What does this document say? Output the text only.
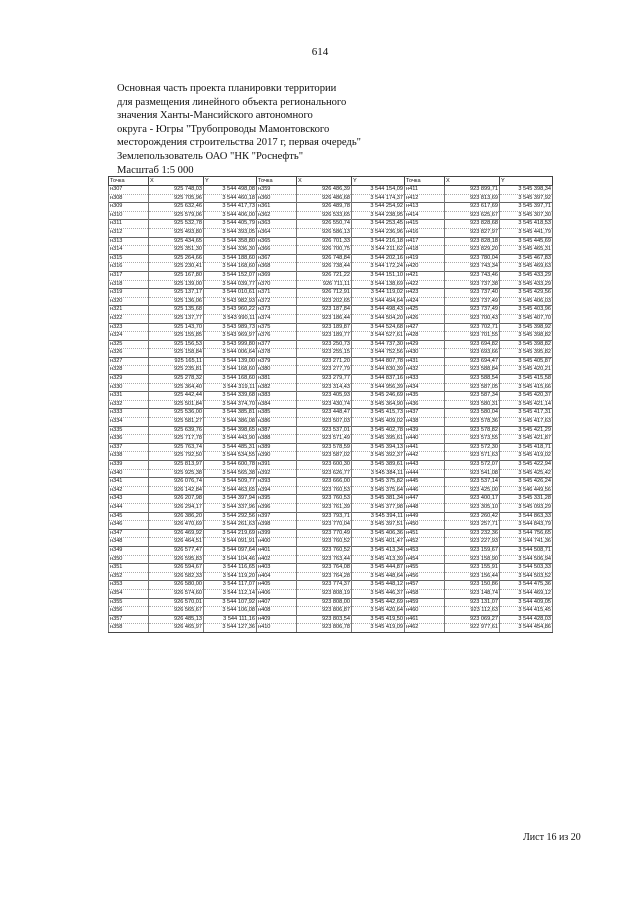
614
Основная часть проекта планировки территории
для размещения линейного объекта регионального
значения Ханты-Мансийского автономного
округа - Югры "Трубопроводы Мамонтовского
месторождения строительства 2017 г, первая очередь"
Землепользователь ОАО "НК "Роснефть"
Масштаб 1:5 000
Точка	X	Y	Точка	X	Y	Точка	X	Y
н307	925 748,03	3 544 498,08	н359	926 486,39	3 544 154,09	н411	923 899,71	3 545 398,34
н308	925 705,96	3 544 460,18	н360	926 486,68	3 544 174,37	н412	923 813,69	3 545 397,92
н309	925 632,46	3 544 417,73	н361	926 489,78	3 544 254,92	н413	923 617,69	3 545 397,71
н310	925 579,06	3 544 406,00	н362	926 533,65	3 544 238,95	н414	923 625,67	3 545 307,30
н311	925 532,78	3 544 405,79	н363	926 550,74	3 544 253,45	н415	923 828,68	3 545 418,53
н312	925 493,80	3 544 393,05	н364	926 586,13	3 544 236,96	н416	923 827,97	3 545 441,79
н313	925 434,65	3 544 358,80	н365	926 701,33	3 544 216,18	н417	923 828,18	3 545 445,69
н314	925 351,30	3 544 336,30	н366	926 700,75	3 544 211,62	н418	923 829,20	3 545 465,31
н315	925 264,66	3 544 188,60	н367	926 748,84	3 544 202,16	н419	923 780,04	3 545 467,83
н316	925 230,41	3 544 168,60	н368	926 738,44	3 544 172,24	н420	923 743,34	3 545 469,63
н317	925 167,80	3 544 152,07	н369	926 721,22	3 544 151,10	н421	923 743,46	3 545 433,29
н318	925 139,00	3 544 039,77	н370	926 711,11	3 544 138,69	н422	923 737,38	3 545 433,29
н319	925 137,17	3 544 010,61	н371	926 712,91	3 544 119,02	н423	923 737,40	3 545 429,56
н320	925 136,06	3 543 982,93	н372	923 202,65	3 544 494,64	н424	923 737,49	3 545 406,03
н321	925 135,68	3 543 960,22	н373	923 187,84	3 544 498,43	н425	923 737,49	3 545 403,96
н322	925 137,77	3 543 990,11	н374	923 186,44	3 544 504,20	н426	923 700,43	3 545 407,70
н323	925 143,70	3 543 989,73	н375	923 189,87	3 544 524,68	н427	923 702,71	3 545 398,92
н324	925 155,85	3 543 969,97	н376	923 189,77	3 544 527,61	н428	923 701,55	3 545 398,82
н325	925 156,53	3 543 999,80	н377	923 250,73	3 544 737,30	н429	923 694,82	3 545 398,82
н326	925 158,84	3 544 006,64	н378	923 255,15	3 544 752,56	н430	923 693,66	3 545 395,82
н327	925 165,11	3 544 139,00	н379	923 271,20	3 544 807,78	н431	923 694,47	3 545 405,87
н328	925 235,81	3 544 168,60	н380	923 277,79	3 544 830,39	н432	923 588,84	3 545 420,21
н329	925 278,32	3 544 168,60	н381	923 279,77	3 544 837,16	н433	923 588,54	3 545 415,58
н330	925 364,40	3 544 319,11	н382	923 314,43	3 544 956,39	н434	923 587,05	3 545 415,66
н331	925 442,44	3 544 339,68	н383	923 405,93	3 545 246,69	н435	923 587,34	3 545 420,37
н332	925 501,84	3 544 374,70	н384	923 430,74	3 545 364,90	н436	923 580,31	3 545 421,14
н333	925 536,00	3 544 385,81	н385	923 448,47	3 545 415,73	н437	923 580,04	3 545 417,31
н334	925 581,27	3 544 386,08	н386	923 507,03	3 545 409,02	н438	923 578,36	3 545 417,63
н335	925 639,76	3 544 398,65	н387	923 537,01	3 545 402,78	н439	923 578,82	3 545 421,29
н336	925 717,78	3 544 443,90	н388	923 571,49	3 545 395,61	н440	923 573,55	3 545 421,87
н337	925 763,74	3 544 485,31	н389	923 578,59	3 545 394,13	н441	923 572,30	3 545 418,71
н338	925 792,50	3 544 534,55	н390	923 587,02	3 545 392,37	н442	923 571,63	3 545 419,02
н339	925 813,97	3 544 600,78	н391	923 600,30	3 545 389,61	н443	923 572,07	3 545 422,94
н340	925 925,38	3 544 565,38	н392	923 626,77	3 545 384,11	н444	923 541,08	3 545 425,42
н341	926 076,74	3 544 509,77	н393	923 666,00	3 545 375,82	н445	923 537,14	3 545 426,24
н342	926 142,84	3 544 463,65	н394	923 760,53	3 545 375,64	н446	923 425,00	3 546 449,56
н343	926 207,98	3 544 397,94	н395	923 760,53	3 545 381,34	н447	923 400,17	3 545 331,28
н344	926 294,17	3 544 337,96	н396	923 761,39	3 545 377,98	н448	923 305,10	3 545 093,29
н345	926 386,20	3 544 292,56	н397	923 793,71	3 545 394,11	н449	923 260,42	3 544 863,33
н346	926 470,69	3 544 261,63	н398	923 770,04	3 545 397,51	н450	923 257,71	3 544 843,79
н347	926 469,92	3 544 219,69	н399	923 770,49	3 545 406,36	н451	923 232,36	3 544 756,65
н348	926 464,51	3 544 091,91	н400	923 760,52	3 545 401,47	н452	923 227,93	3 544 741,36
н349	926 577,47	3 544 097,64	н401	923 760,52	3 545 413,34	н453	923 159,67	3 544 508,71
н350	926 595,83	3 544 104,46	н402	923 763,44	3 545 413,39	н454	923 158,90	3 544 506,94
н351	926 594,67	3 544 116,65	н403	923 764,08	3 545 444,87	н455	923 155,91	3 544 503,33
н352	926 582,33	3 544 119,20	н404	923 764,28	3 545 448,64	н456	923 156,44	3 544 503,52
н353	926 580,00	3 544 117,07	н405	923 774,37	3 545 448,12	н457	923 150,86	3 544 475,36
н354	926 574,60	3 544 112,14	н406	923 808,19	3 545 446,37	н458	923 148,74	3 544 469,12
н355	926 570,01	3 544 107,92	н407	923 808,00	3 545 442,69	н459	923 131,07	3 544 409,05
н356	926 565,67	3 544 106,08	н408	923 806,87	3 545 420,64	н460	923 112,63	3 544 415,45
н357	926 485,13	3 544 111,16	н409	923 803,54	3 545 419,50	н461	923 069,27	3 544 428,03
н358	926 465,97	3 544 127,36	н410	923 806,78	3 545 419,09	н462	922 977,61	3 544 454,86
Лист 16 из 20
